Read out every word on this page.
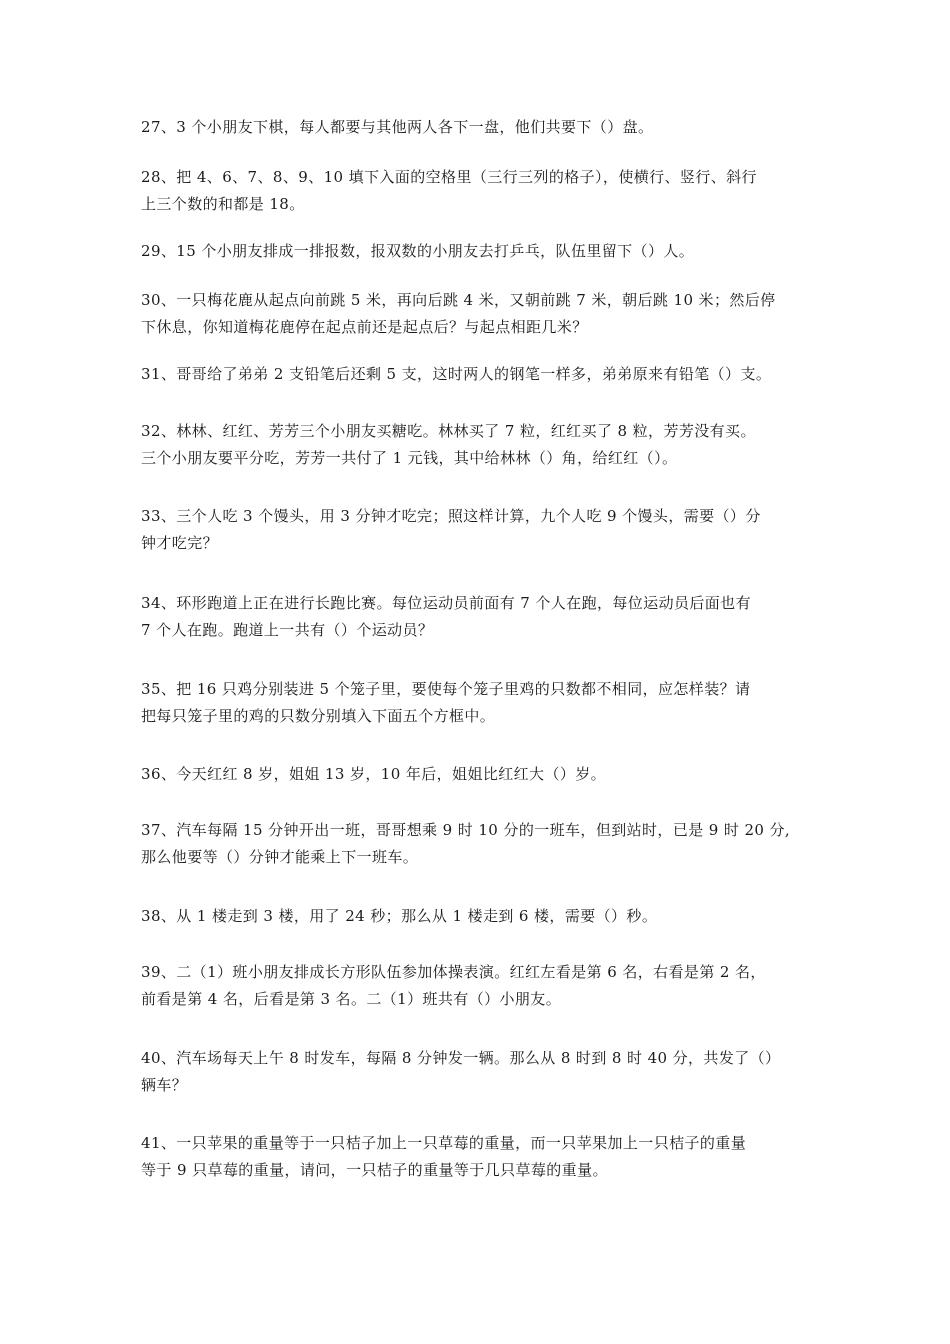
27、3 个小朋友下棋，每人都要与其他两人各下一盘，他们共要下（）盘。
28、把 4、6、7、8、9、10 填下入面的空格里（三行三列的格子），使横行、竖行、斜行
上三个数的和都是 18。
29、15 个小朋友排成一排报数，报双数的小朋友去打乒乓，队伍里留下（）人。
30、一只梅花鹿从起点向前跳 5 米，再向后跳 4 米，又朝前跳 7 米，朝后跳 10 米；然后停
下休息，你知道梅花鹿停在起点前还是起点后？与起点相距几米？
31、哥哥给了弟弟 2 支铅笔后还剩 5 支，这时两人的钢笔一样多，弟弟原来有铅笔（）支。
32、林林、红红、芳芳三个小朋友买糖吃。林林买了 7 粒，红红买了 8 粒，芳芳没有买。
三个小朋友要平分吃，芳芳一共付了 1 元钱，其中给林林（）角，给红红（）。
33、三个人吃 3 个馒头，用 3 分钟才吃完；照这样计算，九个人吃 9 个馒头，需要（）分
钟才吃完？
34、环形跑道上正在进行长跑比赛。每位运动员前面有 7 个人在跑，每位运动员后面也有
7 个人在跑。跑道上一共有（）个运动员？
35、把 16 只鸡分别装进 5 个笼子里，要使每个笼子里鸡的只数都不相同，应怎样装？请
把每只笼子里的鸡的只数分别填入下面五个方框中。
36、今天红红 8 岁，姐姐 13 岁，10 年后，姐姐比红红大（）岁。
37、汽车每隔 15 分钟开出一班，哥哥想乘 9 时 10 分的一班车，但到站时，已是 9 时 20 分,
那么他要等（）分钟才能乘上下一班车。
38、从 1 楼走到 3 楼，用了 24 秒；那么从 1 楼走到 6 楼，需要（）秒。
39、二（1）班小朋友排成长方形队伍参加体操表演。红红左看是第 6 名，右看是第 2 名，
前看是第 4 名，后看是第 3 名。二（1）班共有（）小朋友。
40、汽车场每天上午 8 时发车，每隔 8 分钟发一辆。那么从 8 时到 8 时 40 分，共发了（）
辆车？
41、一只苹果的重量等于一只桔子加上一只草莓的重量，而一只苹果加上一只桔子的重量
等于 9 只草莓的重量，请问，一只桔子的重量等于几只草莓的重量。
